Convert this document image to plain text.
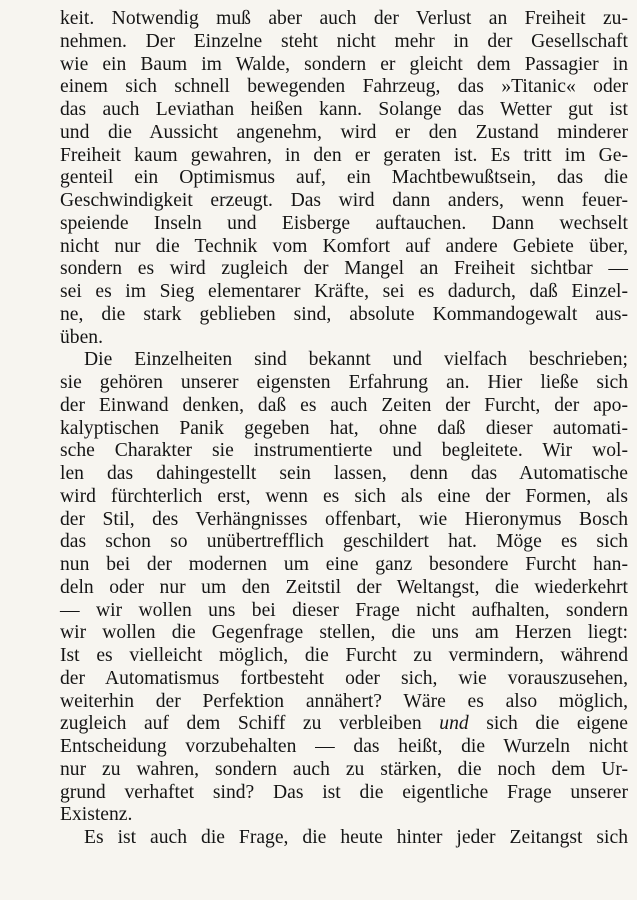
keit. Notwendig muß aber auch der Verlust an Freiheit zu-
nehmen. Der Einzelne steht nicht mehr in der Gesellschaft
wie ein Baum im Walde, sondern er gleicht dem Passagier in
einem sich schnell bewegenden Fahrzeug, das »Titanic« oder
das auch Leviathan heißen kann. Solange das Wetter gut ist
und die Aussicht angenehm, wird er den Zustand minderer
Freiheit kaum gewahren, in den er geraten ist. Es tritt im Ge-
genteil ein Optimismus auf, ein Machtbewußtsein, das die
Geschwindigkeit erzeugt. Das wird dann anders, wenn feuer-
speiende Inseln und Eisberge auftauchen. Dann wechselt
nicht nur die Technik vom Komfort auf andere Gebiete über,
sondern es wird zugleich der Mangel an Freiheit sichtbar —
sei es im Sieg elementarer Kräfte, sei es dadurch, daß Einzel-
ne, die stark geblieben sind, absolute Kommandogewalt aus-
üben.
Die Einzelheiten sind bekannt und vielfach beschrieben;
sie gehören unserer eigensten Erfahrung an. Hier ließe sich
der Einwand denken, daß es auch Zeiten der Furcht, der apo-
kalyptischen Panik gegeben hat, ohne daß dieser automati-
sche Charakter sie instrumentierte und begleitete. Wir wol-
len das dahingestellt sein lassen, denn das Automatische
wird fürchterlich erst, wenn es sich als eine der Formen, als
der Stil, des Verhängnisses offenbart, wie Hieronymus Bosch
das schon so unübertrefflich geschildert hat. Möge es sich
nun bei der modernen um eine ganz besondere Furcht han-
deln oder nur um den Zeitstil der Weltangst, die wiederkehrt
— wir wollen uns bei dieser Frage nicht aufhalten, sondern
wir wollen die Gegenfrage stellen, die uns am Herzen liegt:
Ist es vielleicht möglich, die Furcht zu vermindern, während
der Automatismus fortbesteht oder sich, wie vorauszusehen,
weiterhin der Perfektion annähert? Wäre es also möglich,
zugleich auf dem Schiff zu verbleiben und sich die eigene
Entscheidung vorzubehalten — das heißt, die Wurzeln nicht
nur zu wahren, sondern auch zu stärken, die noch dem Ur-
grund verhaftet sind? Das ist die eigentliche Frage unserer
Existenz.
Es ist auch die Frage, die heute hinter jeder Zeitangst sich
